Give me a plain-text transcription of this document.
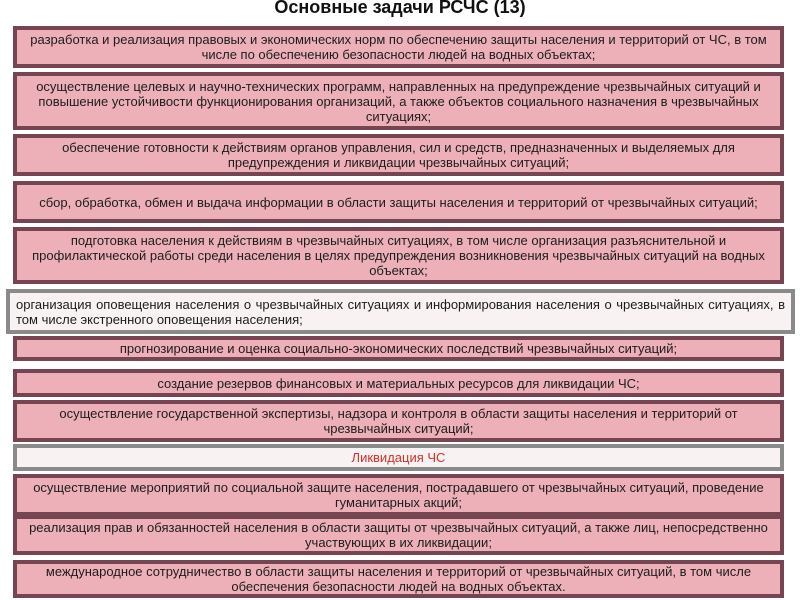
Основные задачи РСЧС (13)
разработка и реализация правовых и экономических норм по обеспечению защиты населения и территорий от ЧС, в том числе по обеспечению безопасности людей на водных объектах;
осуществление целевых и научно-технических программ, направленных на предупреждение чрезвычайных ситуаций и повышение устойчивости функционирования организаций, а также объектов социального назначения в чрезвычайных ситуациях;
обеспечение готовности к действиям органов управления, сил и средств, предназначенных и выделяемых для предупреждения и ликвидации чрезвычайных ситуаций;
сбор, обработка, обмен и выдача информации в области защиты населения и территорий от чрезвычайных ситуаций;
подготовка населения к действиям в чрезвычайных ситуациях, в том числе организация разъяснительной и профилактической работы среди населения в целях предупреждения возникновения чрезвычайных ситуаций на водных объектах;
организация оповещения населения о чрезвычайных ситуациях и информирования населения о чрезвычайных ситуациях, в том числе экстренного оповещения населения;
прогнозирование и оценка социально-экономических последствий чрезвычайных ситуаций;
создание резервов финансовых и материальных ресурсов для ликвидации ЧС;
осуществление государственной экспертизы, надзора и контроля в области защиты населения и территорий от чрезвычайных ситуаций;
Ликвидация ЧС
осуществление мероприятий по социальной защите населения, пострадавшего от чрезвычайных ситуаций, проведение гуманитарных акций;
реализация прав и обязанностей населения в области защиты от чрезвычайных ситуаций, а также лиц, непосредственно участвующих в их ликвидации;
международное сотрудничество в области защиты населения и территорий от чрезвычайных ситуаций, в том числе обеспечения безопасности людей на водных объектах.
